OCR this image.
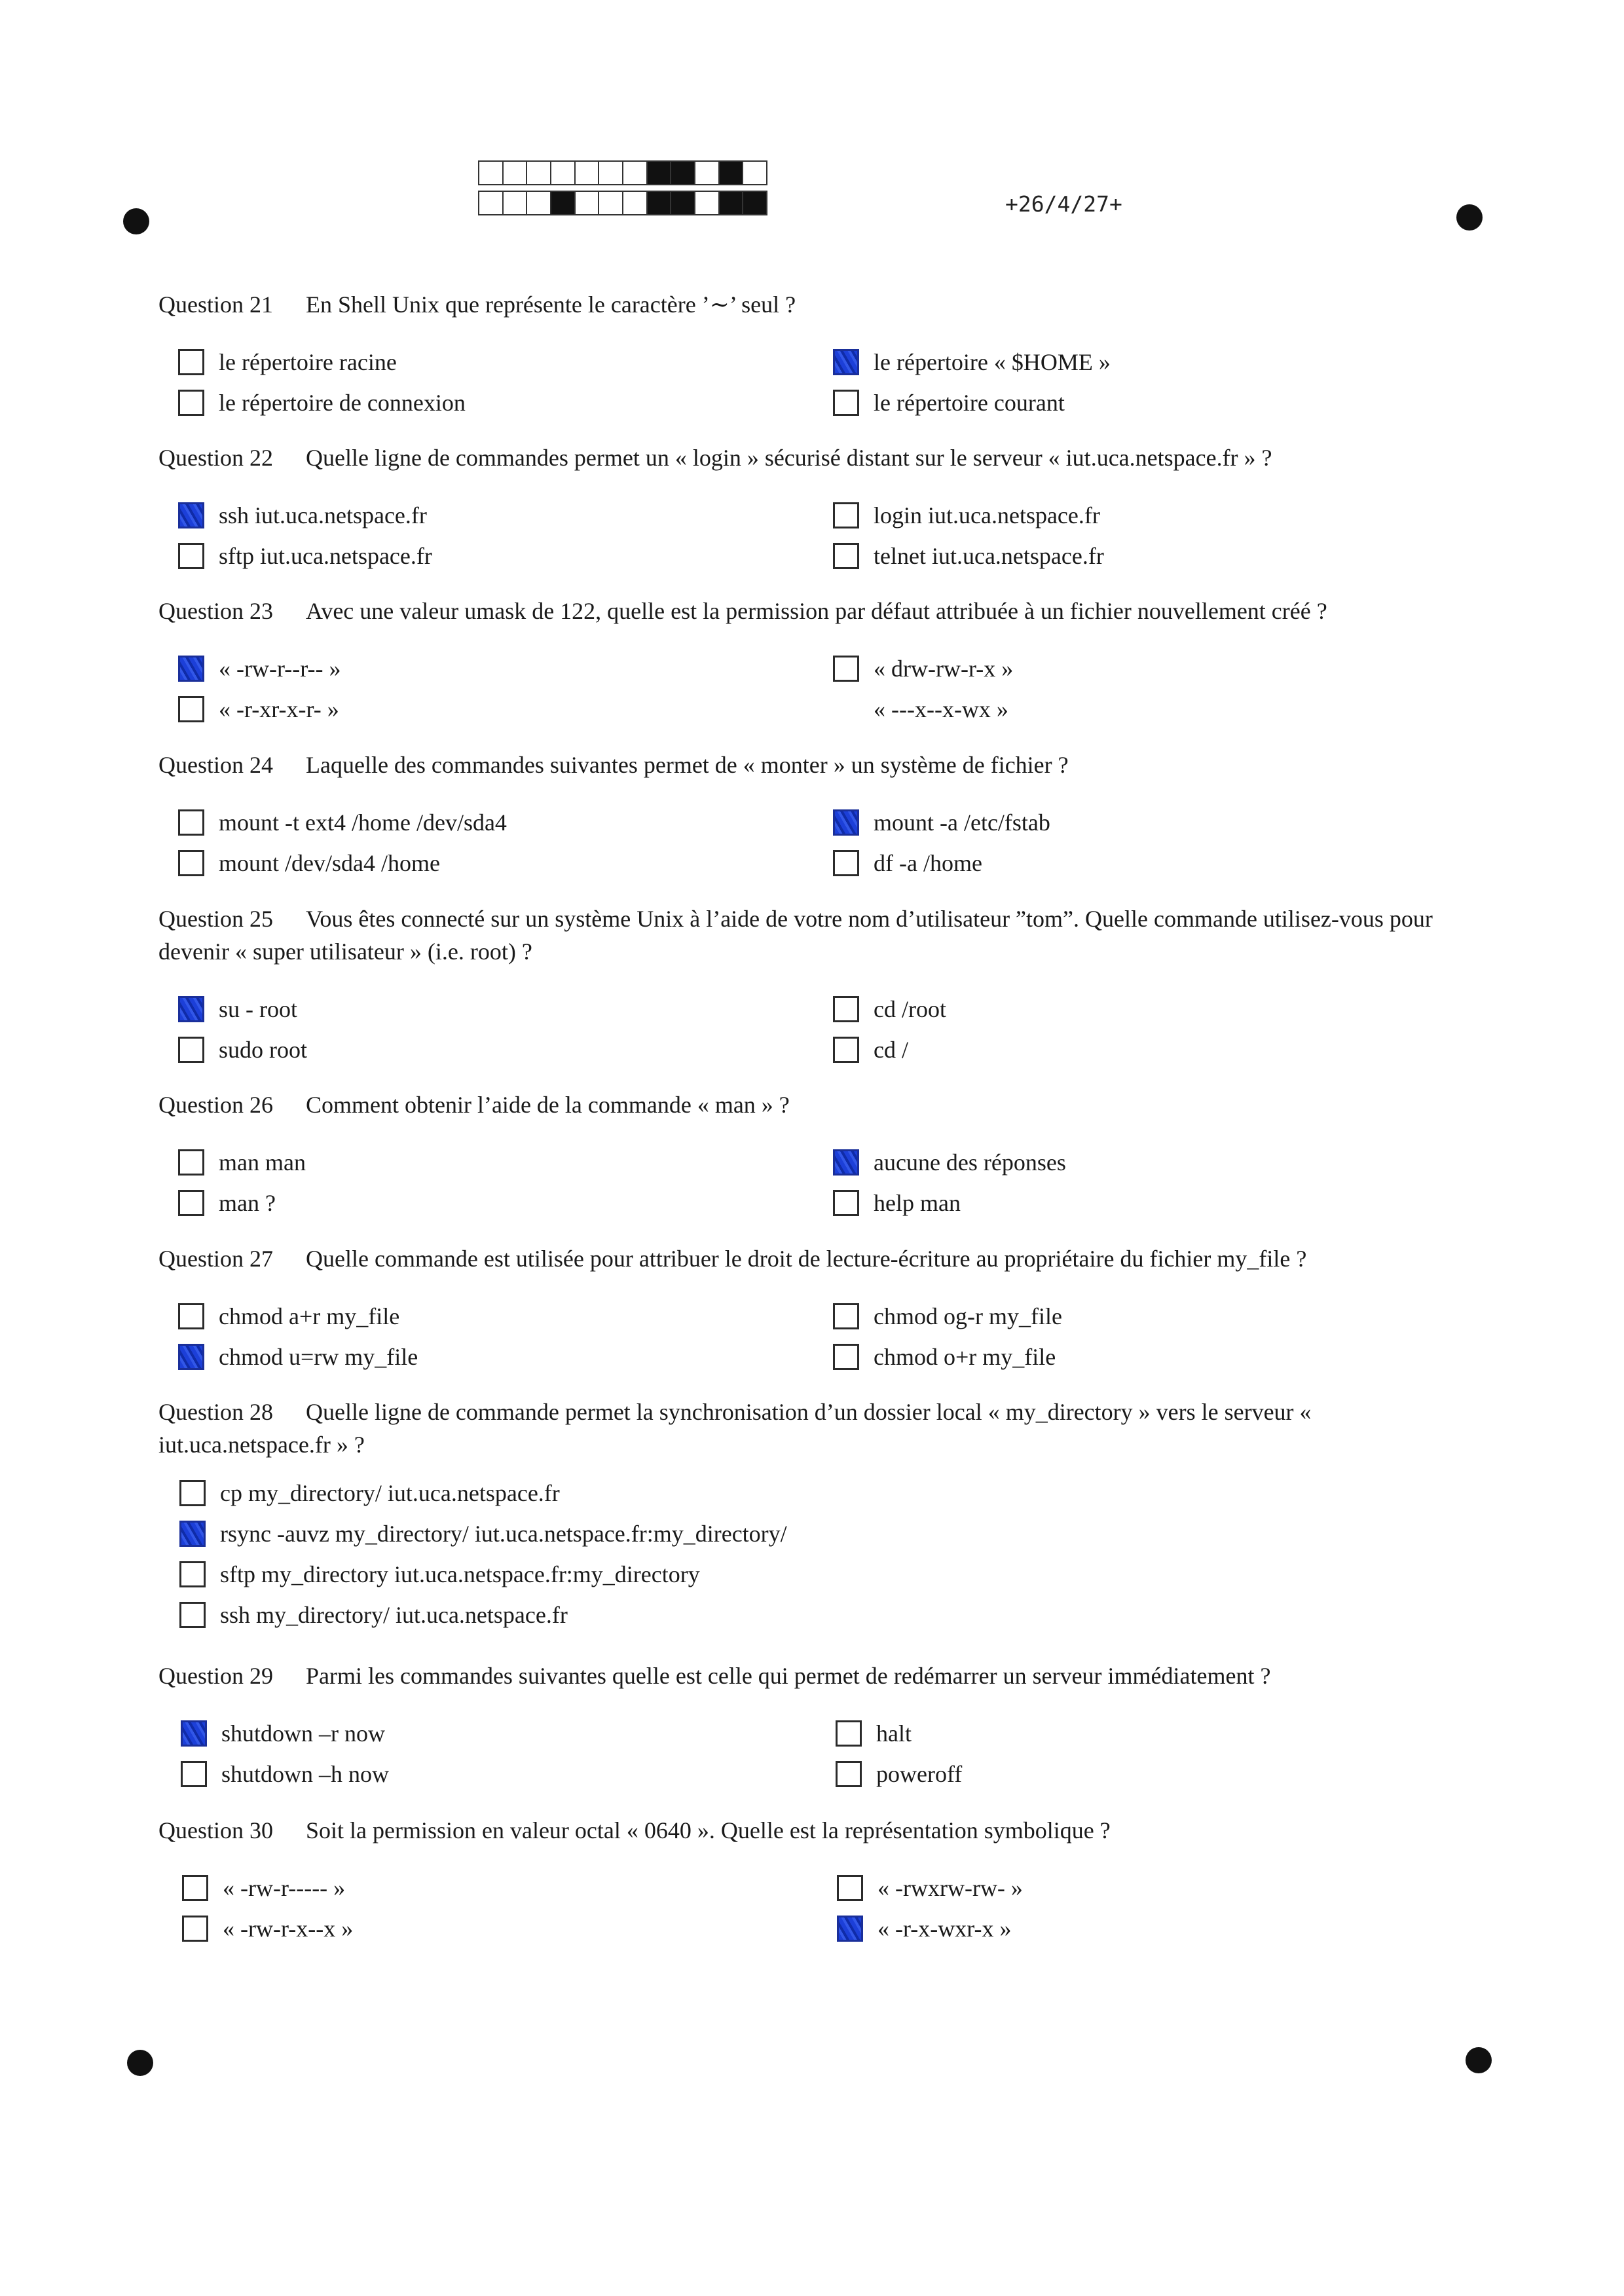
+26/4/27+
Question 21 En Shell Unix que représente le caractère ’∼’ seul ?
le répertoire racine	le répertoire « $HOME »
le répertoire de connexion	le répertoire courant
Question 22 Quelle ligne de commandes permet un « login » sécurisé distant sur le serveur « iut.uca.netspace.fr » ?
ssh iut.uca.netspace.fr	login iut.uca.netspace.fr
sftp iut.uca.netspace.fr	telnet iut.uca.netspace.fr
Question 23 Avec une valeur umask de 122, quelle est la permission par défaut attribuée à un fichier nouvellement créé ?
« -rw-r--r-- »	« drw-rw-r-x »
« -r-xr-x-r- »	« ---x--x-wx »
Question 24 Laquelle des commandes suivantes permet de « monter » un système de fichier ?
mount -t ext4 /home /dev/sda4	mount -a /etc/fstab
mount /dev/sda4 /home	df -a /home
Question 25 Vous êtes connecté sur un système Unix à l’aide de votre nom d’utilisateur ”tom”. Quelle commande utilisez-vous pour devenir « super utilisateur » (i.e. root) ?
su - root	cd /root
sudo root	cd /
Question 26 Comment obtenir l’aide de la commande « man » ?
man man	aucune des réponses
man ?	help man
Question 27 Quelle commande est utilisée pour attribuer le droit de lecture-écriture au propriétaire du fichier my_file ?
chmod a+r my_file	chmod og-r my_file
chmod u=rw my_file	chmod o+r my_file
Question 28 Quelle ligne de commande permet la synchronisation d’un dossier local « my_directory » vers le serveur « iut.uca.netspace.fr » ?
cp my_directory/ iut.uca.netspace.fr
rsync -auvz my_directory/ iut.uca.netspace.fr:my_directory/
sftp my_directory iut.uca.netspace.fr:my_directory
ssh my_directory/ iut.uca.netspace.fr
Question 29 Parmi les commandes suivantes quelle est celle qui permet de redémarrer un serveur immédiatement ?
shutdown –r now	halt
shutdown –h now	poweroff
Question 30 Soit la permission en valeur octal « 0640 ». Quelle est la représentation symbolique ?
« -rw-r----- »	« -rwxrw-rw- »
« -rw-r-x--x »	« -r-x-wxr-x »
